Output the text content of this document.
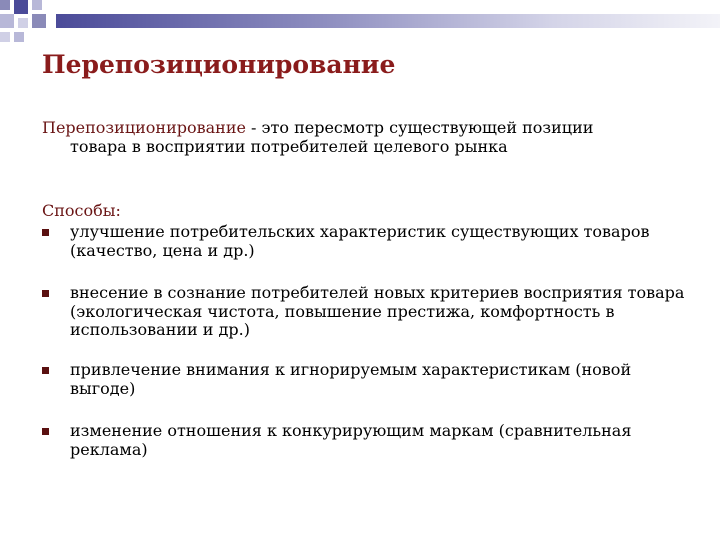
Перепозиционирование
Перепозиционирование - это пересмотр существующей позиции
товара в восприятии потребителей целевого рынка
Способы:
улучшение потребительских характеристик существующих товаров
(качество, цена и др.)
внесение в сознание потребителей новых критериев восприятия товара
(экологическая чистота, повышение престижа, комфортность в
использовании и др.)
привлечение внимания к игнорируемым характеристикам (новой
выгоде)
изменение отношения к конкурирующим маркам (сравнительная
реклама)
